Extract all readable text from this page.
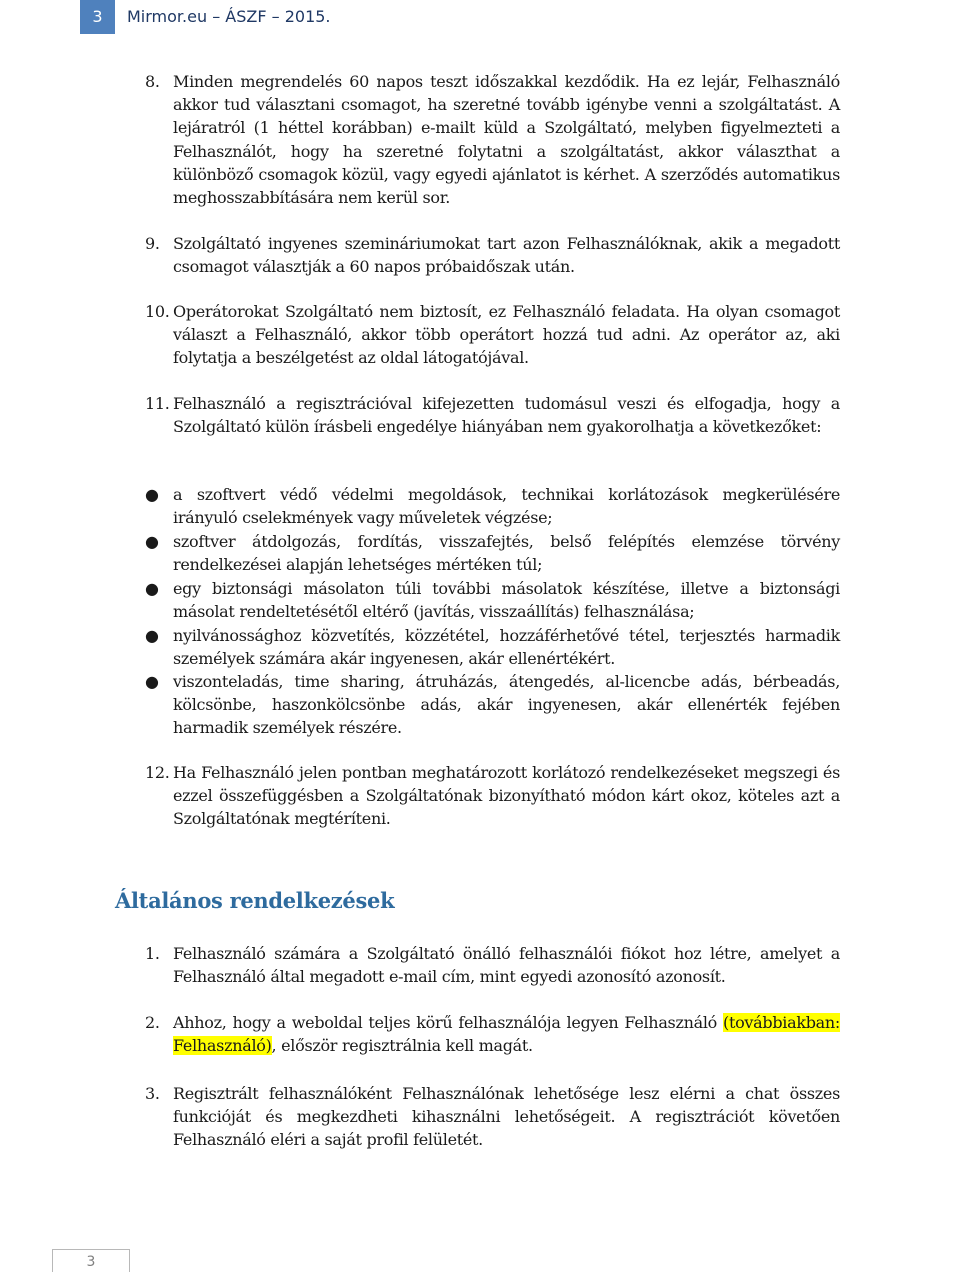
3	Mirmor.eu – ÁSZF – 2015.
8. Minden megrendelés 60 napos teszt időszakkal kezdődik. Ha ez lejár, Felhasználó akkor tud választani csomagot, ha szeretné tovább igénybe venni a szolgáltatást. A lejáratról (1 héttel korábban) e-mailt küld a Szolgáltató, melyben figyelmezteti a Felhasználót, hogy ha szeretné folytatni a szolgáltatást, akkor választhat a különböző csomagok közül, vagy egyedi ajánlatot is kérhet. A szerződés automatikus meghosszabbítására nem kerül sor.
9. Szolgáltató ingyenes szemináriumokat tart azon Felhasználóknak, akik a megadott csomagot választják a 60 napos próbaidőszak után.
10. Operátorokat Szolgáltató nem biztosít, ez Felhasználó feladata. Ha olyan csomagot választ a Felhasználó, akkor több operátort hozzá tud adni. Az operátor az, aki folytatja a beszélgetést az oldal látogatójával.
11. Felhasználó a regisztrációval kifejezetten tudomásul veszi és elfogadja, hogy a Szolgáltató külön írásbeli engedélye hiányában nem gyakorolhatja a következőket:
● a szoftvert védő védelmi megoldások, technikai korlátozások megkerülésére irányuló cselekmények vagy műveletek végzése;
● szoftver átdolgozás, fordítás, visszafejtés, belső felépítés elemzése törvény rendelkezései alapján lehetséges mértéken túl;
● egy biztonsági másolaton túli további másolatok készítése, illetve a biztonsági másolat rendeltetésétől eltérő (javítás, visszaállítás) felhasználása;
● nyilvánossághoz közvetítés, közzététel, hozzáférhetővé tétel, terjesztés harmadik személyek számára akár ingyenesen, akár ellenértékért.
● viszonteladás, time sharing, átruházás, átengedés, al-licencbe adás, bérbeadás, kölcsönbe, haszonkölcsönbe adás, akár ingyenesen, akár ellenérték fejében harmadik személyek részére.
12. Ha Felhasználó jelen pontban meghatározott korlátozó rendelkezéseket megszegi és ezzel összefüggésben a Szolgáltatónak bizonyítható módon kárt okoz, köteles azt a Szolgáltatónak megtéríteni.
Általános rendelkezések
1. Felhasználó számára a Szolgáltató önálló felhasználói fiókot hoz létre, amelyet a Felhasználó által megadott e-mail cím, mint egyedi azonosító azonosít.
2. Ahhoz, hogy a weboldal teljes körű felhasználója legyen Felhasználó (továbbiakban: Felhasználó), először regisztrálnia kell magát.
3. Regisztrált felhasználóként Felhasználónak lehetősége lesz elérni a chat összes funkcióját és megkezdheti kihasználni lehetőségeit. A regisztrációt követően Felhasználó eléri a saját profil felületét.
3
